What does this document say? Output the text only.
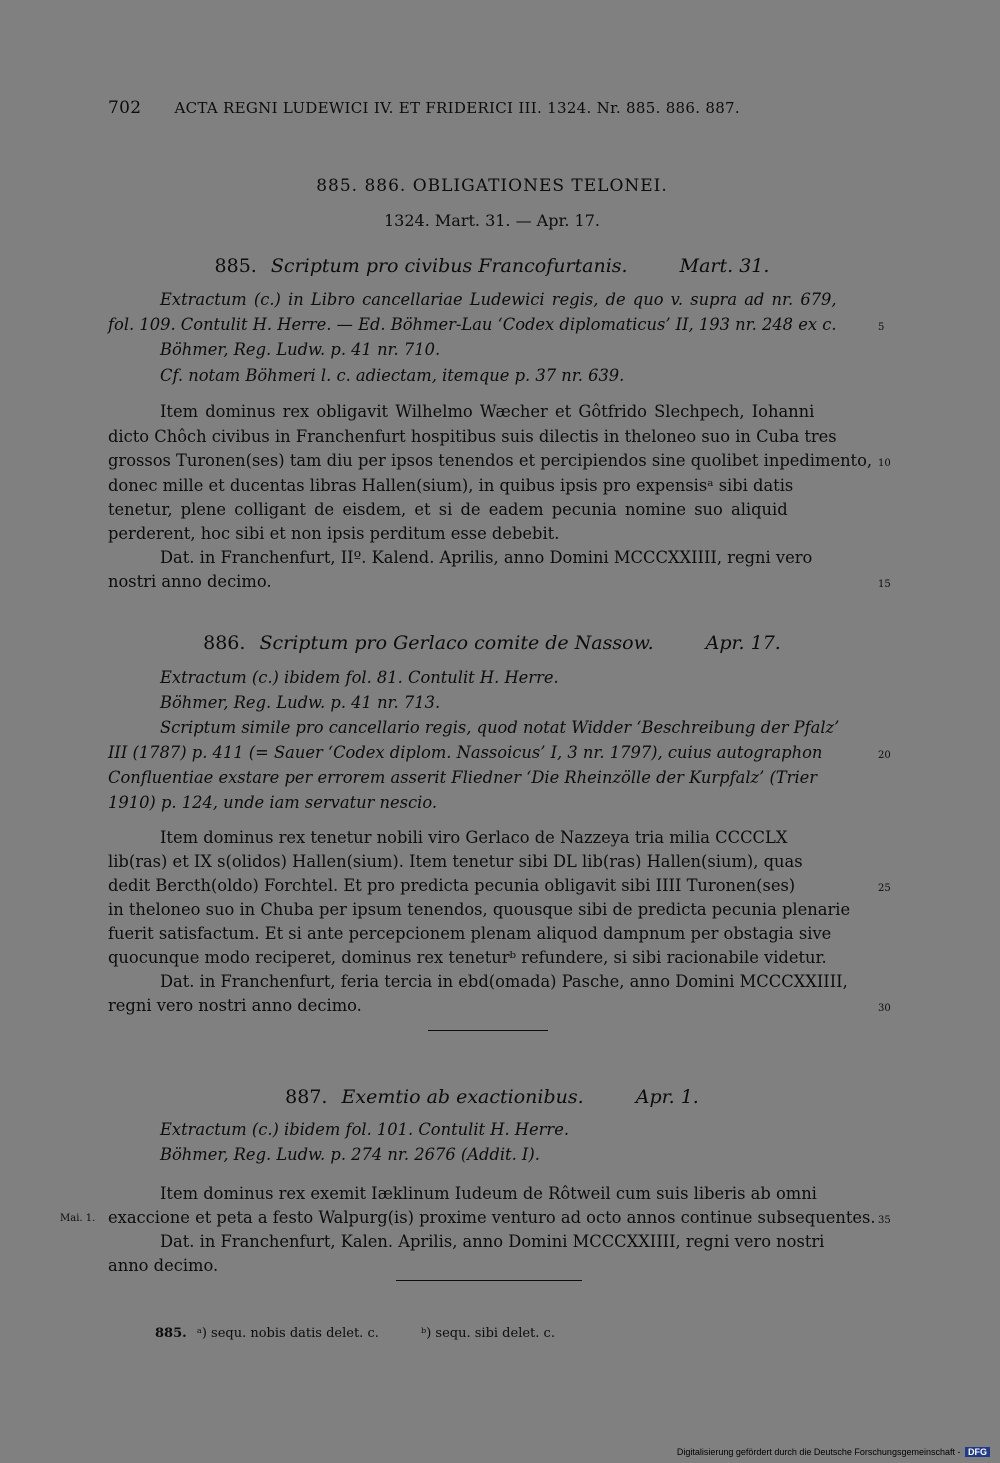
702 ACTA REGNI LUDEWICI IV. ET FRIDERICI III. 1324. Nr. 885. 886. 887.
885. 886. OBLIGATIONES TELONEI.
1324. Mart. 31. — Apr. 17.
885. Scriptum pro civibus Francofurtanis.	Mart. 31.
Extractum (c.) in Libro cancellariae Ludewici regis, de quo v. supra ad nr. 679,
fol. 109. Contulit H. Herre. — Ed. Böhmer-Lau ‘Codex diplomaticus’ II, 193 nr. 248 ex c.
Böhmer, Reg. Ludw. p. 41 nr. 710.
Cf. notam Böhmeri l. c. adiectam, itemque p. 37 nr. 639.
Item dominus rex obligavit Wilhelmo Wæcher et Gôtfrido Slechpech, Iohanni
dicto Chôch civibus in Franchenfurt hospitibus suis dilectis in theloneo suo in Cuba tres
grossos Turonen(ses) tam diu per ipsos tenendos et percipiendos sine quolibet inpedimento,
donec mille et ducentas libras Hallen(sium), in quibus ipsis pro expensisᵃ sibi datis
tenetur, plene colligant de eisdem, et si de eadem pecunia nomine suo aliquid
perderent, hoc sibi et non ipsis perditum esse debebit.
Dat. in Franchenfurt, IIº. Kalend. Aprilis, anno Domini MCCCXXIIII, regni vero
nostri anno decimo.
886. Scriptum pro Gerlaco comite de Nassow.	Apr. 17.
Extractum (c.) ibidem fol. 81. Contulit H. Herre.
Böhmer, Reg. Ludw. p. 41 nr. 713.
Scriptum simile pro cancellario regis, quod notat Widder ‘Beschreibung der Pfalz’
III (1787) p. 411 (= Sauer ‘Codex diplom. Nassoicus’ I, 3 nr. 1797), cuius autographon
Confluentiae exstare per errorem asserit Fliedner ‘Die Rheinzölle der Kurpfalz’ (Trier
1910) p. 124, unde iam servatur nescio.
Item dominus rex tenetur nobili viro Gerlaco de Nazzeya tria milia CCCCLX
lib(ras) et IX s(olidos) Hallen(sium). Item tenetur sibi DL lib(ras) Hallen(sium), quas
dedit Bercth(oldo) Forchtel. Et pro predicta pecunia obligavit sibi IIII Turonen(ses)
in theloneo suo in Chuba per ipsum tenendos, quousque sibi de predicta pecunia plenarie
fuerit satisfactum. Et si ante percepcionem plenam aliquod dampnum per obstagia sive
quocunque modo reciperet, dominus rex teneturᵇ refundere, si sibi racionabile videtur.
Dat. in Franchenfurt, feria tercia in ebd(omada) Pasche, anno Domini MCCCXXIIII,
regni vero nostri anno decimo.
887. Exemtio ab exactionibus.	Apr. 1.
Extractum (c.) ibidem fol. 101. Contulit H. Herre.
Böhmer, Reg. Ludw. p. 274 nr. 2676 (Addit. I).
Item dominus rex exemit Iæklinum Iudeum de Rôtweil cum suis liberis ab omni
Mai. 1. exaccione et peta a festo Walpurg(is) proxime venturo ad octo annos continue subsequentes.
Dat. in Franchenfurt, Kalen. Aprilis, anno Domini MCCCXXIIII, regni vero nostri
anno decimo.
5
10
15
20
25
30
35
885. ᵃ) sequ. nobis datis delet. c.	ᵇ) sequ. sibi delet. c.
Digitalisierung gefördert durch die Deutsche Forschungsgemeinschaft - DFG
